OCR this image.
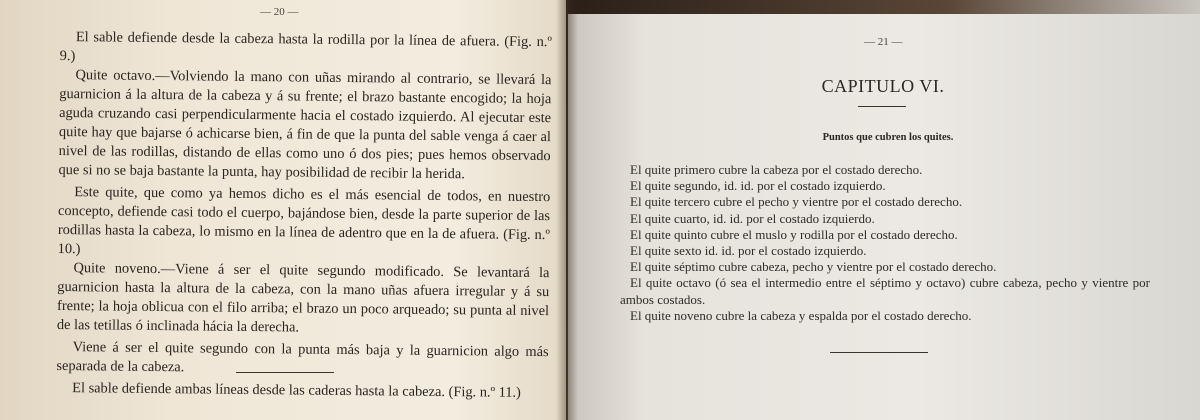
— 20 —

El sable defiende desde la cabeza hasta la rodilla por la línea de afuera. (Fig. n.º 9.)

Quite octavo.—Volviendo la mano con uñas mirando al contrario, se llevará la guarnicion á la altura de la cabeza y á su frente; el brazo bastante encogido; la hoja aguda cruzando casi perpendicularmente hacia el costado izquierdo. Al ejecutar este quite hay que bajarse ó achicarse bien, á fin de que la punta del sable venga á caer al nivel de las rodillas, distando de ellas como uno ó dos pies; pues hemos observado que si no se baja bastante la punta, hay posibilidad de recibir la herida.

Este quite, que como ya hemos dicho es el más esencial de todos, en nuestro concepto, defiende casi todo el cuerpo, bajándose bien, desde la parte superior de las rodillas hasta la cabeza, lo mismo en la línea de adentro que en la de afuera. (Fig. n.º 10.)

Quite noveno.—Viene á ser el quite segundo modificado. Se levantará la guarnicion hasta la altura de la cabeza, con la mano uñas afuera irregular y á su frente; la hoja oblicua con el filo arriba; el brazo un poco arqueado; su punta al nivel de las tetillas ó inclinada hácia la derecha.

Viene á ser el quite segundo con la punta más baja y la guarnicion algo más separada de la cabeza.

El sable defiende ambas líneas desde las caderas hasta la cabeza. (Fig. n.º 11.)

— 21 —
CAPITULO VI.
Puntos que cubren los quites.

El quite primero cubre la cabeza por el costado derecho.

El quite segundo, id. id. por el costado izquierdo.

El quite tercero cubre el pecho y vientre por el costado derecho.

El quite cuarto, id. id. por el costado izquierdo.

El quite quinto cubre el muslo y rodilla por el costado derecho.

El quite sexto id. id. por el costado izquierdo.

El quite séptimo cubre cabeza, pecho y vientre por el costado derecho.

El quite octavo (ó sea el intermedio entre el séptimo y octavo) cubre cabeza, pecho y vientre por ambos costados.

El quite noveno cubre la cabeza y espalda por el costado derecho.
